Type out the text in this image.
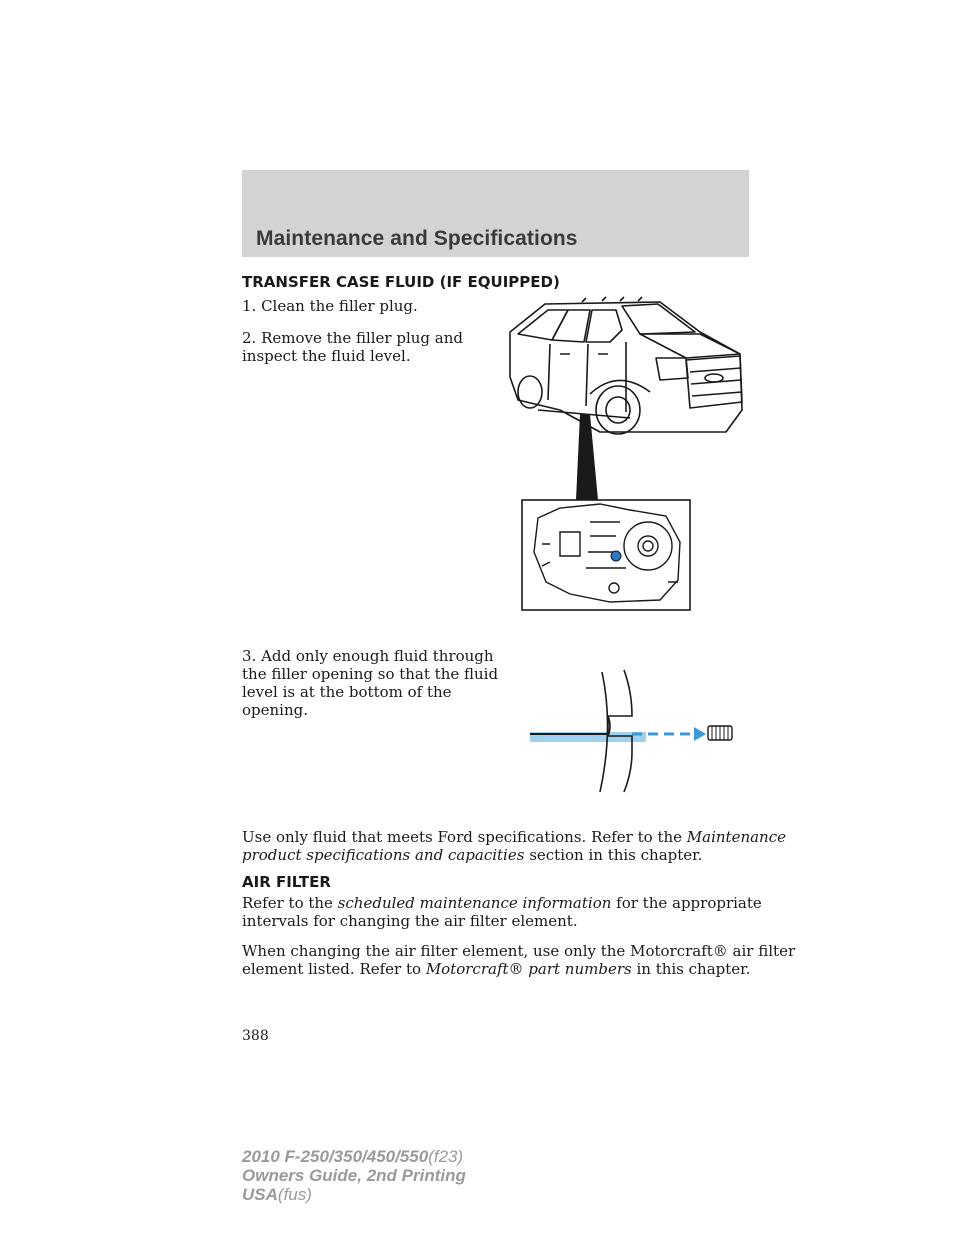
Maintenance and Specifications
TRANSFER CASE FLUID (IF EQUIPPED)
1. Clean the filler plug.
2. Remove the filler plug and
inspect the fluid level.
3. Add only enough fluid through
the filler opening so that the fluid
level is at the bottom of the
opening.
Use only fluid that meets Ford specifications. Refer to the Maintenance
product specifications and capacities section in this chapter.
AIR FILTER
Refer to the scheduled maintenance information for the appropriate
intervals for changing the air filter element.
When changing the air filter element, use only the Motorcraft® air filter
element listed. Refer to Motorcraft® part numbers in this chapter.
388
2010 F-250/350/450/550(f23)
Owners Guide, 2nd Printing
USA(fus)
